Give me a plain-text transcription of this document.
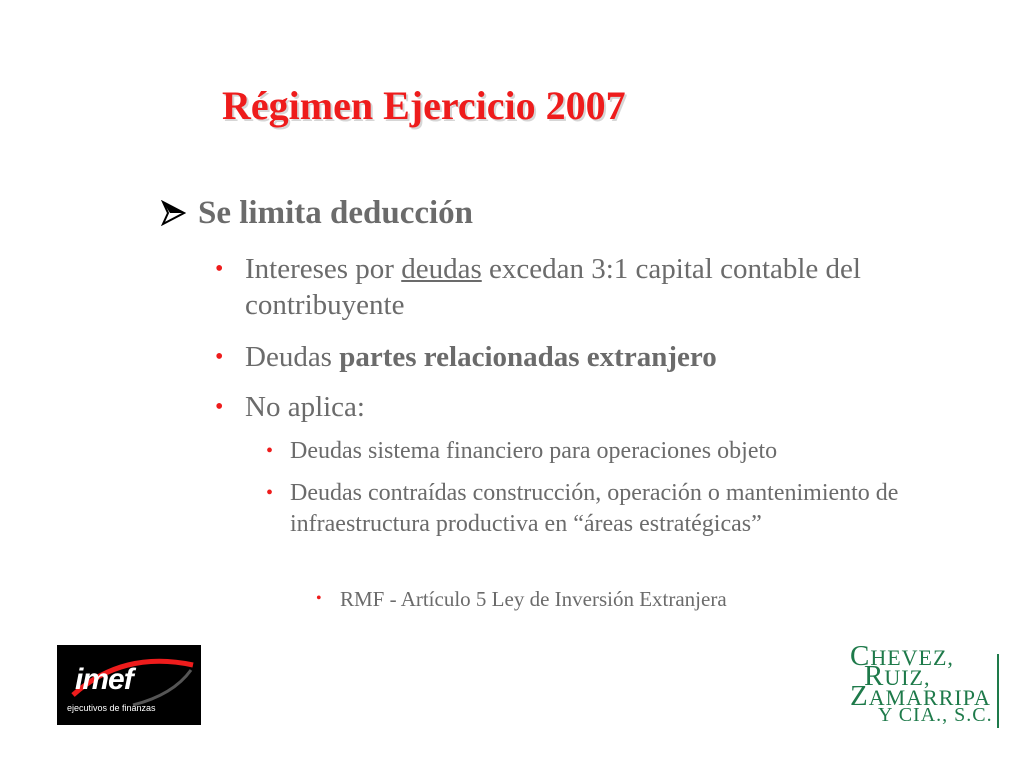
Régimen Ejercicio 2007
Se limita deducción
• Intereses por deudas excedan 3:1 capital contable del contribuyente
• Deudas partes relacionadas extranjero
• No aplica:
• Deudas sistema financiero para operaciones objeto
• Deudas contraídas construcción, operación o mantenimiento de infraestructura productiva en “áreas estratégicas”
• RMF - Artículo 5 Ley de Inversión Extranjera
imef
ejecutivos de finanzas
CHEVEZ,
RUIZ,
ZAMARRIPA
Y CIA., S.C.
